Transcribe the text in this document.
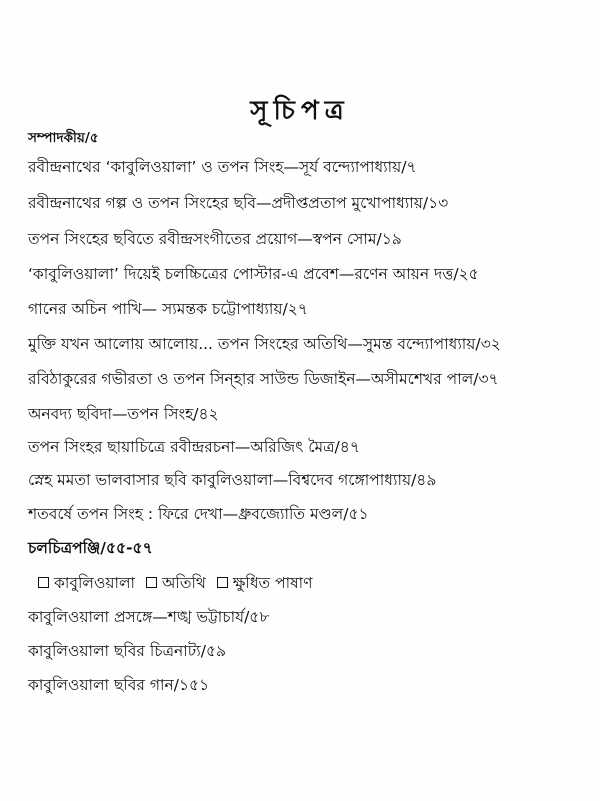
সূচিপত্র
সম্পাদকীয়/৫
রবীন্দ্রনাথের ‘কাবুলিওয়ালা’ ও তপন সিংহ—সূর্য বন্দ্যোপাধ্যায়/৭
রবীন্দ্রনাথের গল্প ও তপন সিংহের ছবি—প্রদীপ্তপ্রতাপ মুখোপাধ্যায়/১৩
তপন সিংহের ছবিতে রবীন্দ্রসংগীতের প্রয়োগ—স্বপন সোম/১৯
‘কাবুলিওয়ালা’ দিয়েই চলচ্চিত্রের পোস্টার-এ প্রবেশ—রণেন আয়ন দত্ত/২৫
গানের অচিন পাখি— স্যমন্তক চট্টোপাধ্যায়/২৭
মুক্তি যখন আলোয় আলোয়... তপন সিংহের অতিথি—সুমন্ত বন্দ্যোপাধ্যায়/৩২
রবিঠাকুরের গভীরতা ও তপন সিন্হার সাউন্ড ডিজাইন—অসীমশেখর পাল/৩৭
অনবদ্য ছবিদা—তপন সিংহ/৪২
তপন সিংহর ছায়াচিত্রে রবীন্দ্ররচনা—অরিজিৎ মৈত্র/৪৭
স্নেহ মমতা ভালবাসার ছবি কাবুলিওয়ালা—বিশ্বদেব গঙ্গোপাধ্যায়/৪৯
শতবর্ষে তপন সিংহ : ফিরে দেখা—ধ্রুবজ্যোতি মণ্ডল/৫১
চলচিত্রপঞ্জি/৫৫-৫৭
কাবুলিওয়ালা অতিথি ক্ষুধিত পাষাণ
কাবুলিওয়ালা প্রসঙ্গে—শঙ্খ ভট্টাচার্য/৫৮
কাবুলিওয়ালা ছবির চিত্রনাট্য/৫৯
কাবুলিওয়ালা ছবির গান/১৫১
